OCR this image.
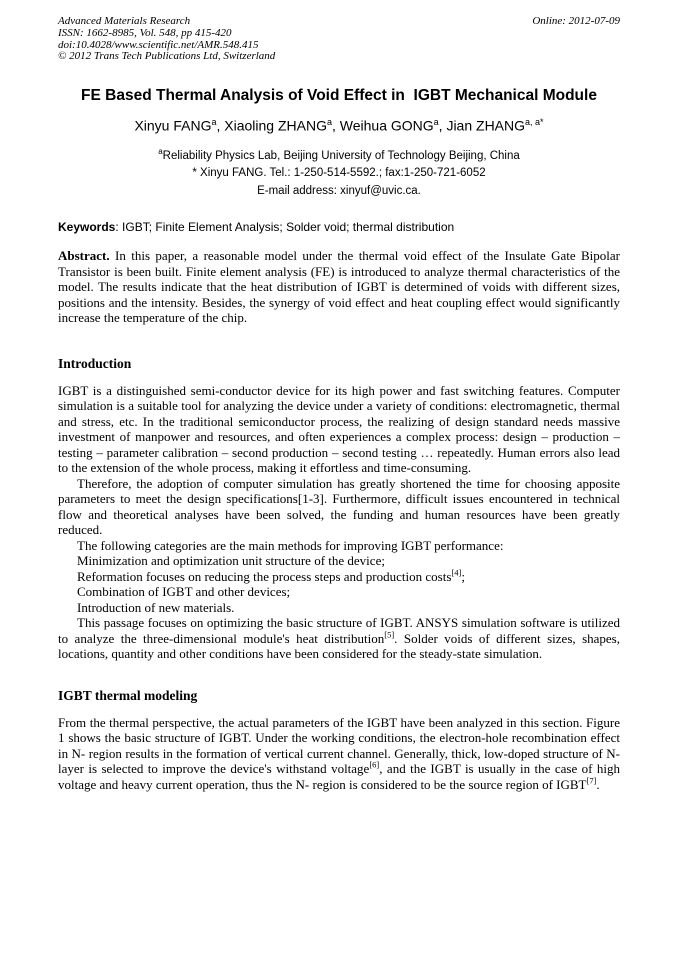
Advanced Materials Research
ISSN: 1662-8985, Vol. 548, pp 415-420
doi:10.4028/www.scientific.net/AMR.548.415
© 2012 Trans Tech Publications Ltd, Switzerland
Online: 2012-07-09
FE Based Thermal Analysis of Void Effect in  IGBT Mechanical Module
Xinyu FANG$^a$, Xiaoling ZHANG$^a$, Weihua GONG$^a$, Jian $ZHANG^{a, a*}$
$^a$Reliability Physics Lab, Beijing University of Technology Beijing, China
* Xinyu FANG. Tel.: 1-250-514-5592.; fax:1-250-721-6052
E-mail address: xinyuf@uvic.ca.
Keywords: IGBT; Finite Element Analysis; Solder void; thermal distribution
Abstract. In this paper, a reasonable model under the thermal void effect of the Insulate Gate Bipolar Transistor is been built. Finite element analysis (FE) is introduced to analyze thermal characteristics of the model. The results indicate that the heat distribution of IGBT is determined of voids with different sizes, positions and the intensity. Besides, the synergy of void effect and heat coupling effect would significantly increase the temperature of the chip.
Introduction
IGBT is a distinguished semi-conductor device for its high power and fast switching features. Computer simulation is a suitable tool for analyzing the device under a variety of conditions: electromagnetic, thermal and stress, etc. In the traditional semiconductor process, the realizing of design standard needs massive investment of manpower and resources, and often experiences a complex process: design – production – testing – parameter calibration – second production – second testing … repeatedly. Human errors also lead to the extension of the whole process, making it effortless and time-consuming.
Therefore, the adoption of computer simulation has greatly shortened the time for choosing apposite parameters to meet the design specifications[1-3]. Furthermore, difficult issues encountered in technical flow and theoretical analyses have been solved, the funding and human resources have been greatly reduced.
The following categories are the main methods for improving IGBT performance:
Minimization and optimization unit structure of the device;
Reformation focuses on reducing the process steps and production costs[4];
Combination of IGBT and other devices;
Introduction of new materials.
This passage focuses on optimizing the basic structure of IGBT. ANSYS simulation software is utilized to analyze the three-dimensional module's heat distribution[5]. Solder voids of different sizes, shapes, locations, quantity and other conditions have been considered for the steady-state simulation.
IGBT thermal modeling
From the thermal perspective, the actual parameters of the IGBT have been analyzed in this section. Figure 1 shows the basic structure of IGBT. Under the working conditions, the electron-hole recombination effect in N- region results in the formation of vertical current channel. Generally, thick, low-doped structure of N- layer is selected to improve the device's withstand voltage[6], and the IGBT is usually in the case of high voltage and heavy current operation, thus the N- region is considered to be the source region of IGBT[7].
